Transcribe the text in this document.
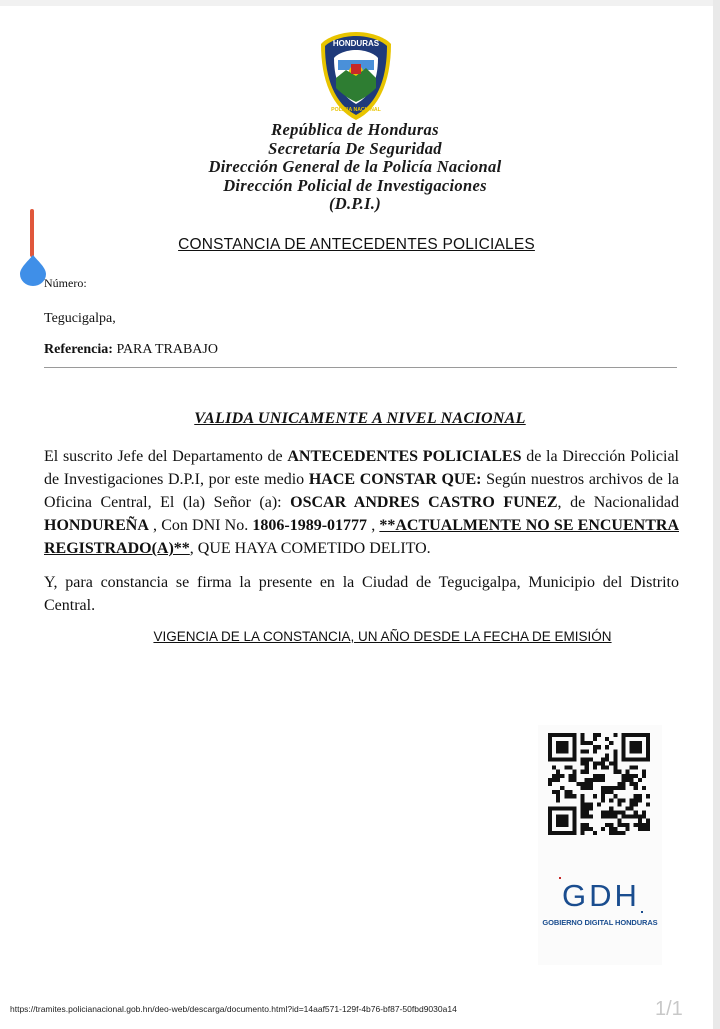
HONDURAS
POLICIA NACIONAL
República de Honduras
Secretaría De Seguridad
Dirección General de la Policía Nacional
Dirección Policial de Investigaciones
(D.P.I.)
CONSTANCIA DE ANTECEDENTES POLICIALES
Número:
Tegucigalpa,
Referencia: PARA TRABAJO
VALIDA UNICAMENTE A NIVEL NACIONAL

El suscrito Jefe del Departamento de ANTECEDENTES POLICIALES de la Dirección Policial de Investigaciones D.P.I, por este medio HACE CONSTAR QUE: Según nuestros archivos de la Oficina Central, El (la) Señor (a): OSCAR ANDRES CASTRO FUNEZ, de Nacionalidad HONDUREÑA , Con DNI No. 1806-1989-01777 , **ACTUALMENTE NO SE ENCUENTRA REGISTRADO(A)**, QUE HAYA COMETIDO DELITO.

Y, para constancia se firma la presente en la Ciudad de Tegucigalpa, Municipio del Distrito Central.

VIGENCIA DE LA CONSTANCIA, UN AÑO DESDE LA FECHA DE EMISIÓN
GDH
GOBIERNO DIGITAL HONDURAS
https://tramites.policianacional.gob.hn/deo-web/descarga/documento.html?id=14aaf571-129f-4b76-bf87-50fbd9030a14	1/1
